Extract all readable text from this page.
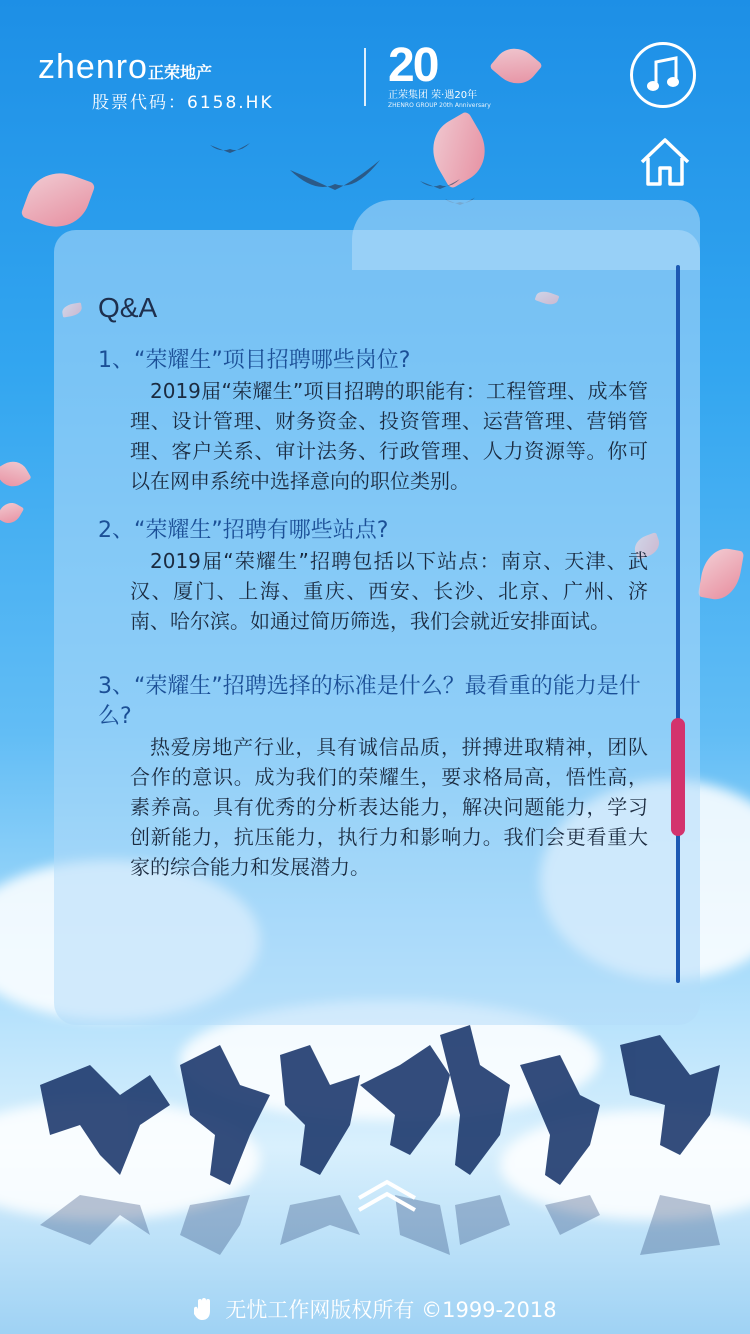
zhenro正荣地产
股票代码：6158.HK
20
正荣集团 荣·遇20年
ZHENRO GROUP 20th Anniversary
Q&A

1、“荣耀生”项目招聘哪些岗位?

2019届“荣耀生”项目招聘的职能有：工程管理、成本管理、设计管理、财务资金、投资管理、运营管理、营销管理、客户关系、审计法务、行政管理、人力资源等。你可以在网申系统中选择意向的职位类别。

2、“荣耀生”招聘有哪些站点?

2019届“荣耀生”招聘包括以下站点：南京、天津、武汉、厦门、上海、重庆、西安、长沙、北京、广州、济南、哈尔滨。如通过简历筛选，我们会就近安排面试。

3、“荣耀生”招聘选择的标准是什么？最看重的能力是什么?

热爱房地产行业，具有诚信品质，拼搏进取精神，团队合作的意识。成为我们的荣耀生，要求格局高，悟性高，素养高。具有优秀的分析表达能力，解决问题能力，学习创新能力，抗压能力，执行力和影响力。我们会更看重大家的综合能力和发展潜力。

无忧工作网版权所有 ©1999-2018
